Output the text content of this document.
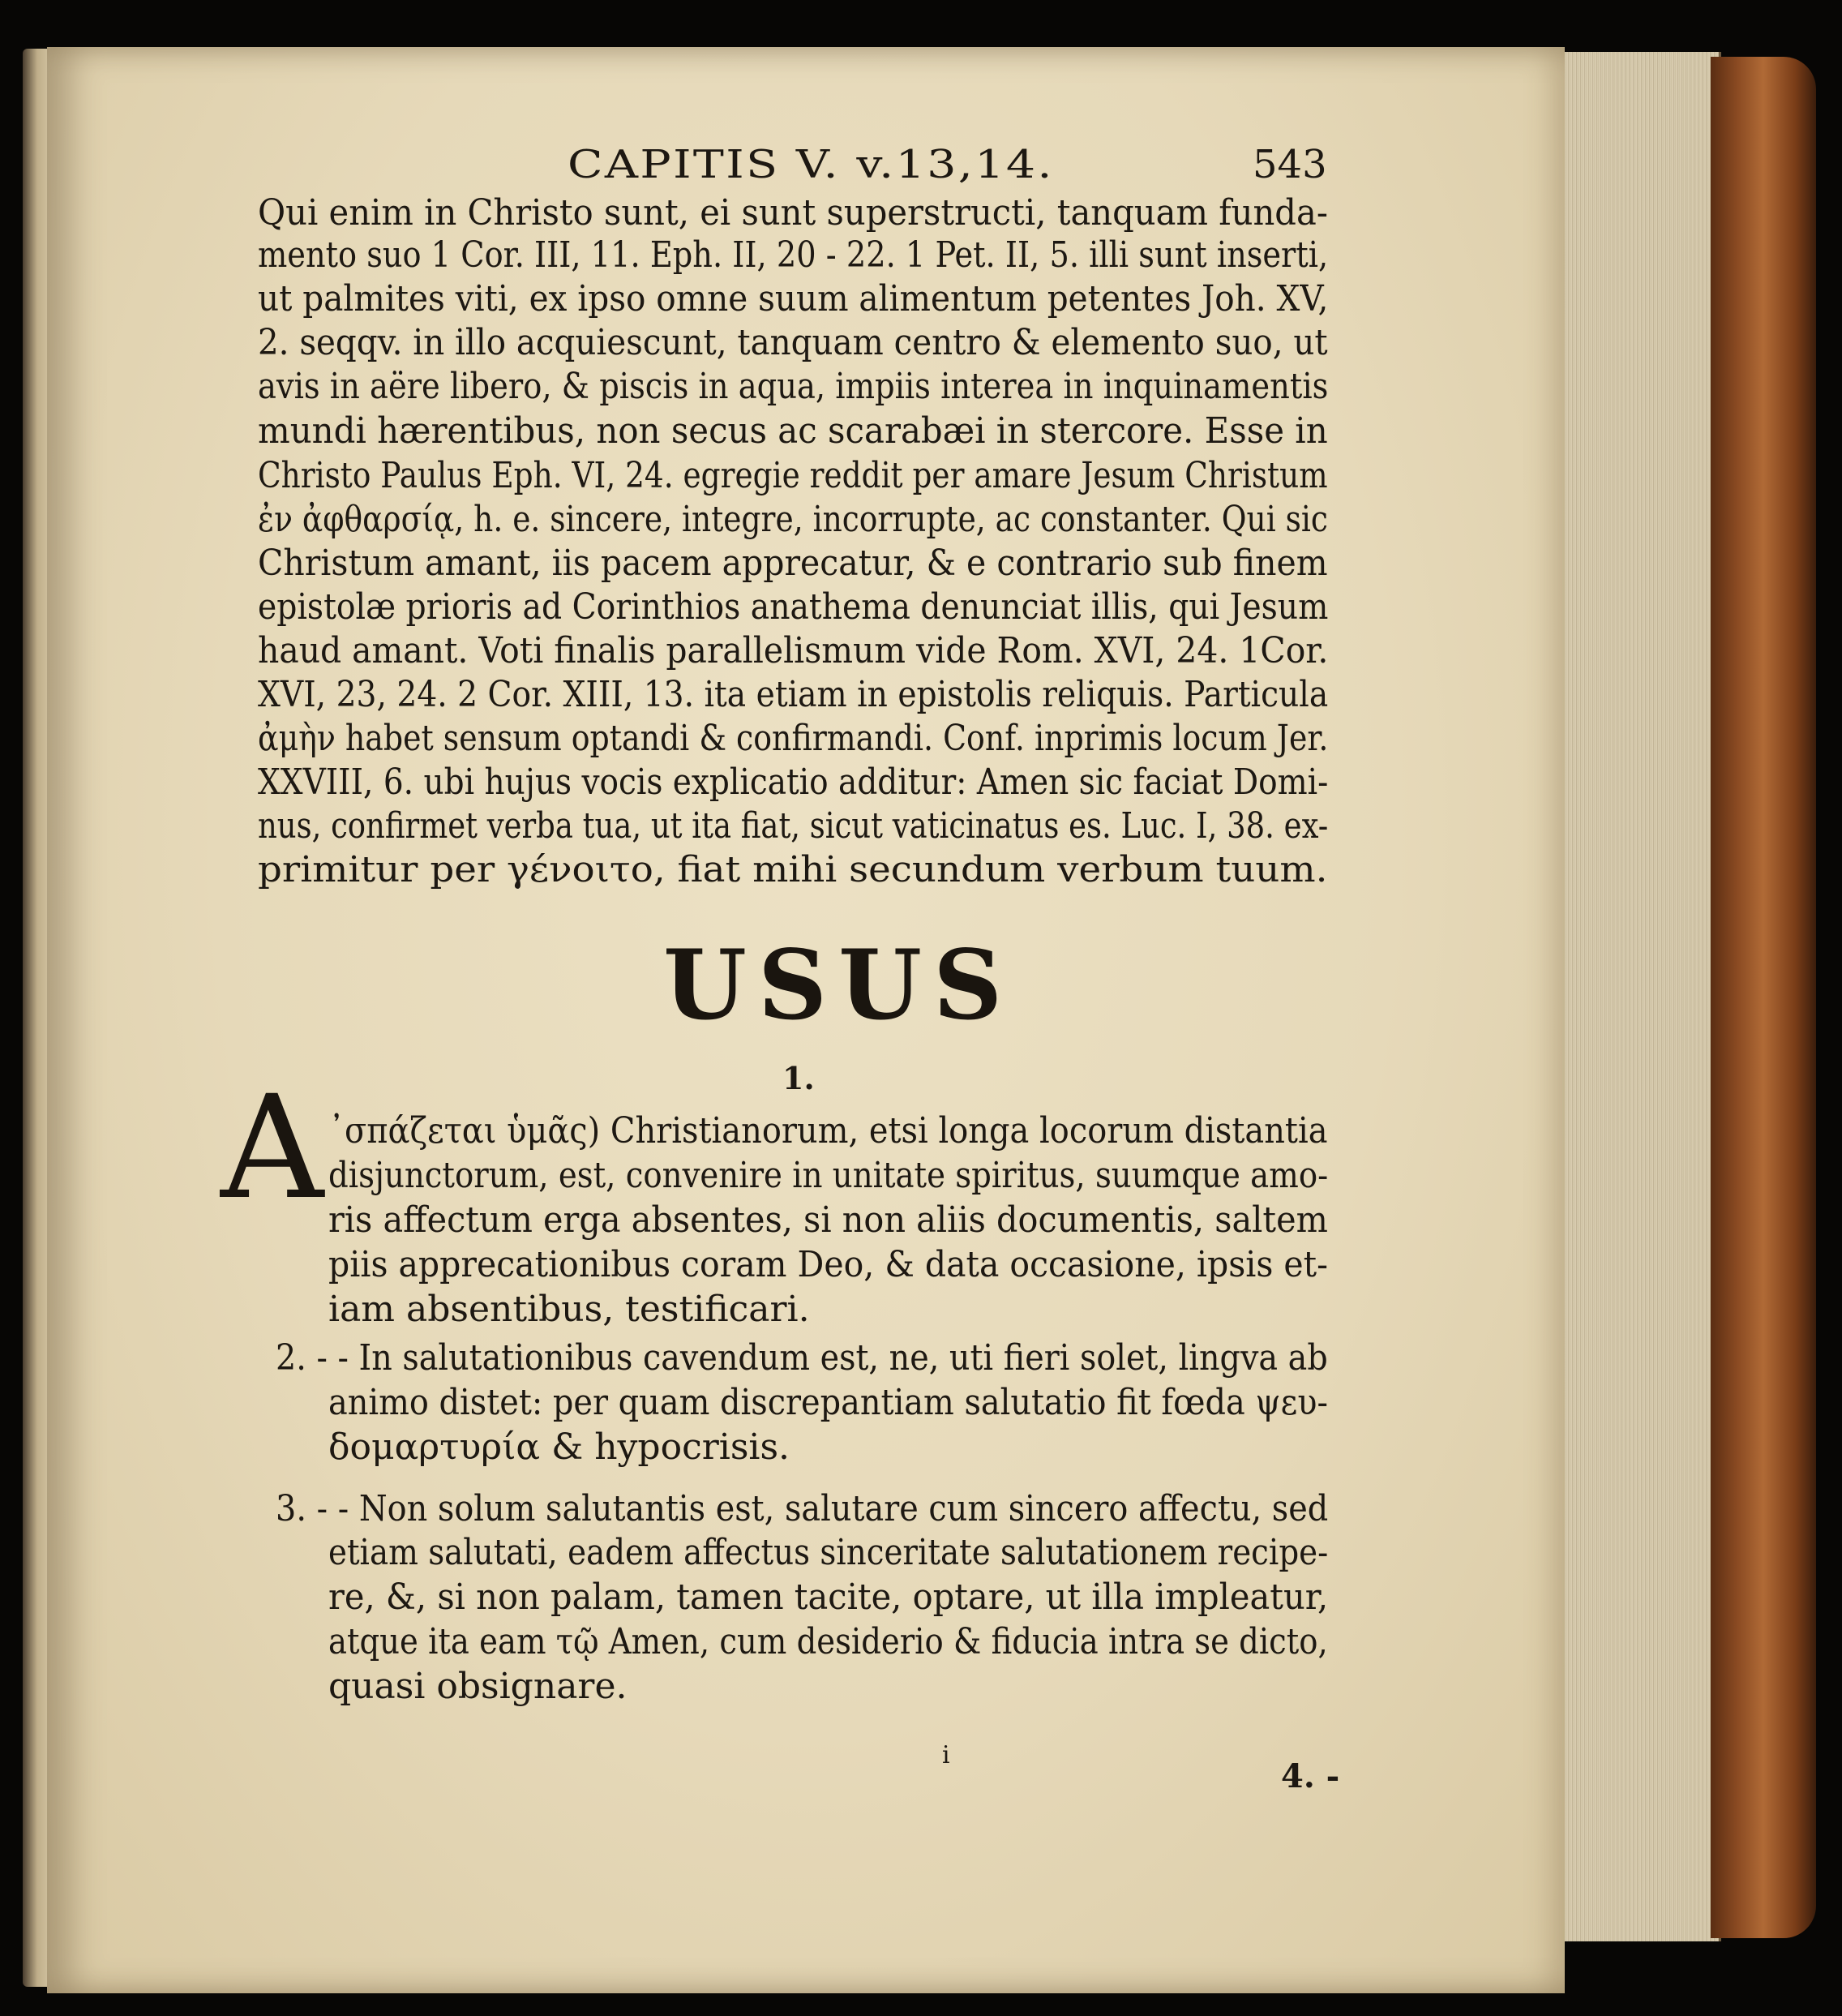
CAPITIS V. v.13,14.	543
Qui enim in Christo sunt, ei sunt superstructi, tanquam funda-
mento suo 1 Cor. III, 11. Eph. II, 20 - 22. 1 Pet. II, 5. illi sunt inserti,
ut palmites viti, ex ipso omne suum alimentum petentes Joh. XV,
2. seqqv. in illo acquiescunt, tanquam centro & elemento suo, ut
avis in aëre libero, & piscis in aqua, impiis interea in inquinamentis
mundi hærentibus, non secus ac scarabæi in stercore. Esse in
Christo Paulus Eph. VI, 24. egregie reddit per amare Jesum Christum
ἐν ἀφθαρσίᾳ, h. e. sincere, integre, incorrupte, ac constanter. Qui sic
Christum amant, iis pacem apprecatur, & e contrario sub finem
epistolæ prioris ad Corinthios anathema denunciat illis, qui Jesum
haud amant. Voti finalis parallelismum vide Rom. XVI, 24. 1Cor.
XVI, 23, 24. 2 Cor. XIII, 13. ita etiam in epistolis reliquis. Particula
ἀμὴν habet sensum optandi & confirmandi. Conf. inprimis locum Jer.
XXVIII, 6. ubi hujus vocis explicatio additur: Amen sic faciat Domi-
nus, confirmet verba tua, ut ita fiat, sicut vaticinatus es. Luc. I, 38. ex-
primitur per γένοιτο, fiat mihi secundum verbum tuum.
USUS
1.
A ᾿σπάζεται ὑμᾶς) Christianorum, etsi longa locorum distantia
disjunctorum, est, convenire in unitate spiritus, suumque amo-
ris affectum erga absentes, si non aliis documentis, saltem
piis apprecationibus coram Deo, & data occasione, ipsis et-
iam absentibus, testificari.
2. - - In salutationibus cavendum est, ne, uti fieri solet, lingva ab
animo distet: per quam discrepantiam salutatio fit fœda ψευ-
δομαρτυρία & hypocrisis.
3. - - Non solum salutantis est, salutare cum sincero affectu, sed
etiam salutati, eadem affectus sinceritate salutationem recipe-
re, &, si non palam, tamen tacite, optare, ut illa impleatur,
atque ita eam τῷ Amen, cum desiderio & fiducia intra se dicto,
quasi obsignare.
i
4. -
